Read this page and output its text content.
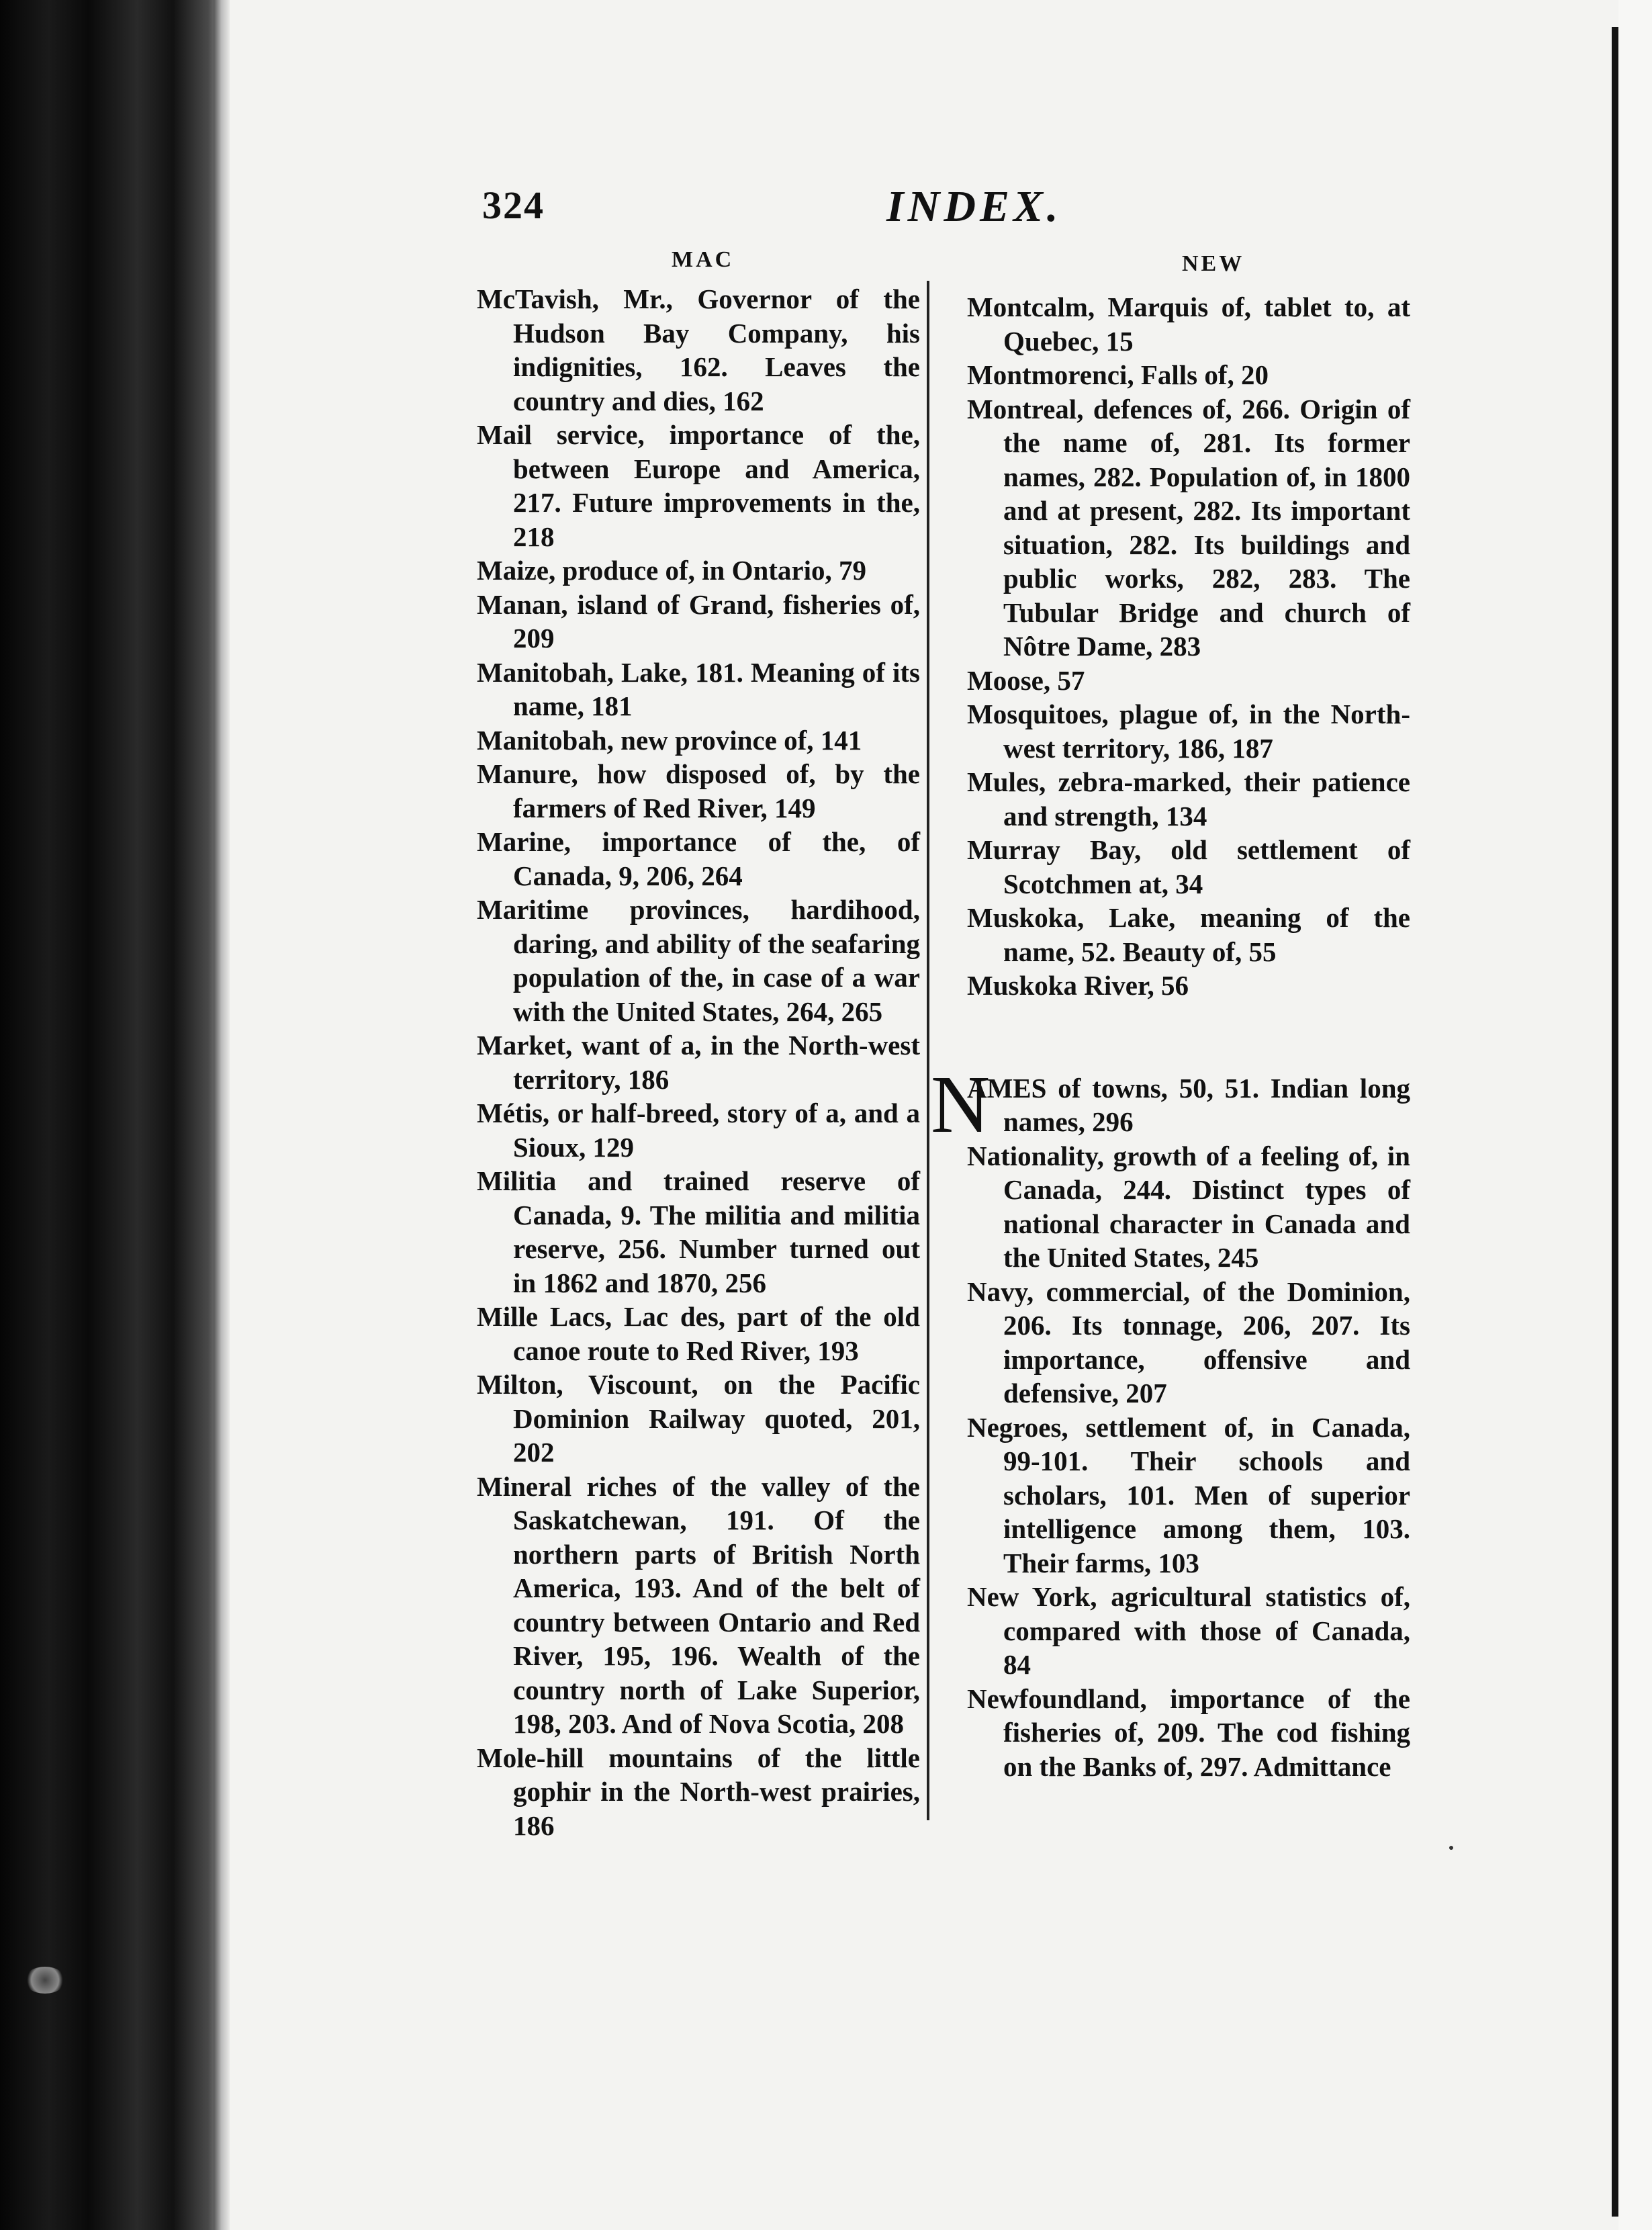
324	INDEX.
MAC	NEW

McTavish, Mr., Governor of the Hudson Bay Company, his indignities, 162. Leaves the country and dies, 162

Mail service, importance of the, between Europe and America, 217. Future improvements in the, 218

Maize, produce of, in Ontario, 79

Manan, island of Grand, fisheries of, 209

Manitobah, Lake, 181. Meaning of its name, 181

Manitobah, new province of, 141

Manure, how disposed of, by the farmers of Red River, 149

Marine, importance of the, of Canada, 9, 206, 264

Maritime provinces, hardihood, daring, and ability of the seafaring population of the, in case of a war with the United States, 264, 265

Market, want of a, in the North-west territory, 186

Métis, or half-breed, story of a, and a Sioux, 129

Militia and trained reserve of Canada, 9. The militia and militia reserve, 256. Number turned out in 1862 and 1870, 256

Mille Lacs, Lac des, part of the old canoe route to Red River, 193

Milton, Viscount, on the Pacific Dominion Railway quoted, 201, 202

Mineral riches of the valley of the Saskatchewan, 191. Of the northern parts of British North America, 193. And of the belt of country between Ontario and Red River, 195, 196. Wealth of the country north of Lake Superior, 198, 203. And of Nova Scotia, 208

Mole-hill mountains of the little gophir in the North-west prairies, 186

Montcalm, Marquis of, tablet to, at Quebec, 15

Montmorenci, Falls of, 20

Montreal, defences of, 266. Origin of the name of, 281. Its former names, 282. Population of, in 1800 and at present, 282. Its important situation, 282. Its buildings and public works, 282, 283. The Tubular Bridge and church of Nôtre Dame, 283

Moose, 57

Mosquitoes, plague of, in the North-west territory, 186, 187

Mules, zebra-marked, their patience and strength, 134

Murray Bay, old settlement of Scotchmen at, 34

Muskoka, Lake, meaning of the name, 52. Beauty of, 55

Muskoka River, 56

N
AMES of towns, 50, 51. Indian long names, 296

Nationality, growth of a feeling of, in Canada, 244. Distinct types of national character in Canada and the United States, 245

Navy, commercial, of the Dominion, 206. Its tonnage, 206, 207. Its importance, offensive and defensive, 207

Negroes, settlement of, in Canada, 99-101. Their schools and scholars, 101. Men of superior intelligence among them, 103. Their farms, 103

New York, agricultural statistics of, compared with those of Canada, 84

Newfoundland, importance of the fisheries of, 209. The cod fishing on the Banks of, 297. Admittance
